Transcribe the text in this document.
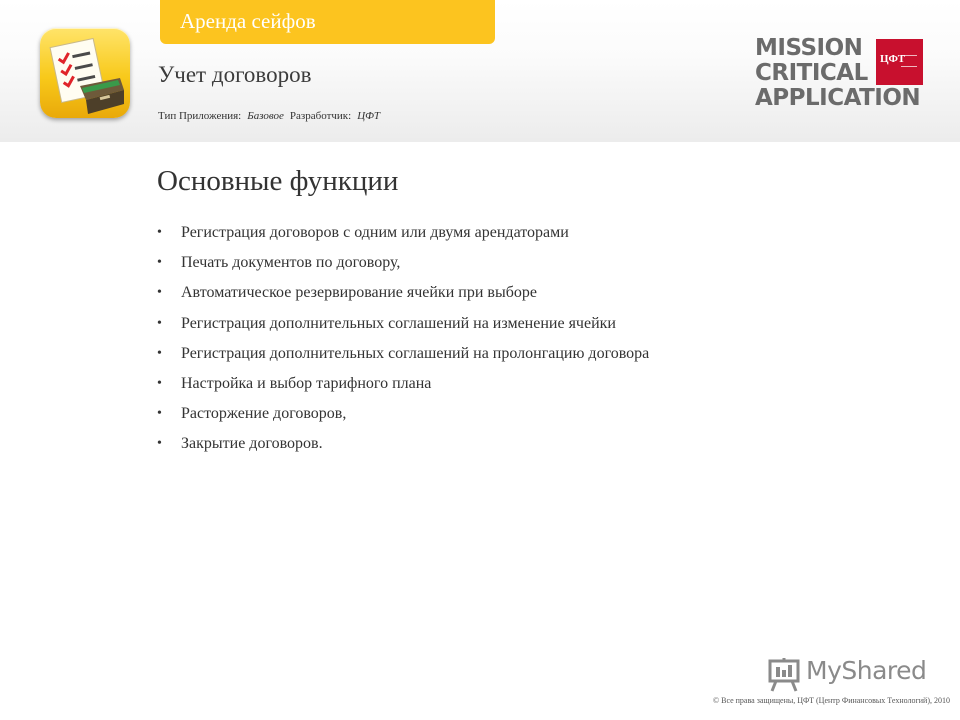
Аренда сейфов
Учет договоров
Тип Приложения: Базовое Разработчик: ЦФТ
MISSION
CRITICAL
APPLICATION
ЦФТ
Основные функции
• Регистрация договоров с одним или двумя арендаторами
• Печать документов по договору,
• Автоматическое резервирование ячейки при выборе
• Регистрация дополнительных соглашений на изменение ячейки
• Регистрация дополнительных соглашений на пролонгацию договора
• Настройка и выбор тарифного плана
• Расторжение договоров,
• Закрытие договоров.
MyShared
© Все права защищены, ЦФТ (Центр Финансовых Технологий), 2010
